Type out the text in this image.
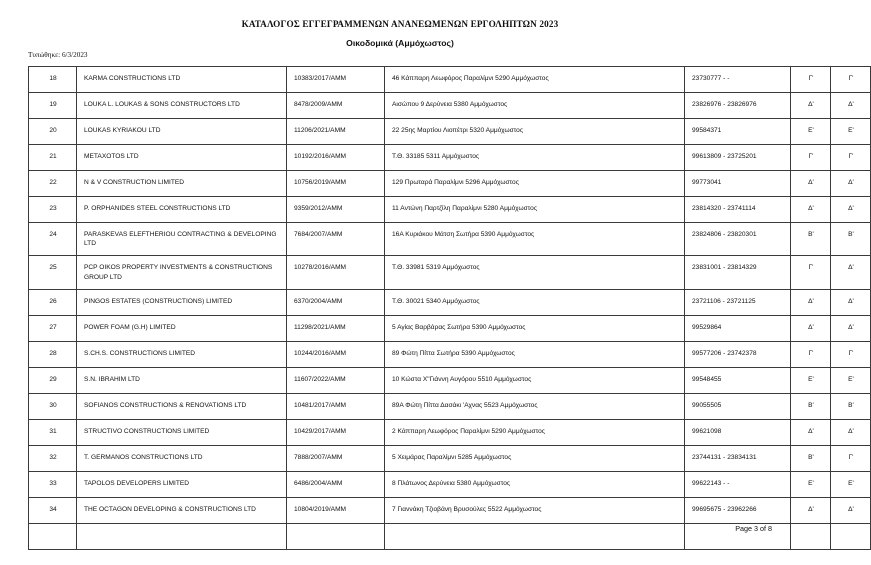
ΚΑΤΑΛΟΓΟΣ ΕΓΓΕΓΡΑΜΜΕΝΩΝ ΑΝΑΝΕΩΜΕΝΩΝ ΕΡΓΟΛΗΠΤΩΝ 2023
Οικοδομικά (Αμμόχωστος)
Τυπώθηκε: 6/3/2023
18	KARMA CONSTRUCTIONS LTD	10383/2017/ΑΜΜ	46 Κάππαρη Λεωφόρος Παραλίμνι 5290 Αμμόχωστος	23730777 - -	Γ'	Γ'
19	LOUKA L. LOUKAS & SONS CONSTRUCTORS LTD	8478/2009/ΑΜΜ	Αισώπου 9 Δερύνεια 5380 Αμμόχωστος	23826976 - 23826976	Δ'	Δ'
20	LOUKAS KYRIAKOU LTD	11206/2021/ΑΜΜ	22 25ης Μαρτίου Λιοπέτρι 5320 Αμμόχωστος	99584371	Ε'	Ε'
21	METAXOTOS LTD	10192/2016/ΑΜΜ	Τ.Θ. 33185 5311 Αμμόχωστος	99613809 - 23725201	Γ'	Γ'
22	N & V CONSTRUCTION LIMITED	10756/2019/ΑΜΜ	129 Πρωταρά Παραλίμνι 5296 Αμμόχωστος	99773041	Δ'	Δ'
23	P. ORPHANIDES STEEL CONSTRUCTIONS LTD	9359/2012/ΑΜΜ	11 Αντώνη Παρτζίλη Παραλίμνι 5280 Αμμόχωστος	23814320 - 23741114	Δ'	Δ'
24	PARASKEVAS ELEFTHERIOU CONTRACTING & DEVELOPING LTD	7684/2007/ΑΜΜ	16A Κυριάκου Μάτση Σωτήρα 5390 Αμμόχωστος	23824806 - 23820301	Β'	Β'
25	PCP OIKOS PROPERTY INVESTMENTS & CONSTRUCTIONS GROUP LTD	10278/2016/ΑΜΜ	Τ.Θ. 33981 5319 Αμμόχωστος	23831001 - 23814329	Γ'	Δ'
26	PINGOS ESTATES (CONSTRUCTIONS) LIMITED	6370/2004/ΑΜΜ	Τ.Θ. 30021 5340 Αμμόχωστος	23721106 - 23721125	Δ'	Δ'
27	POWER FOAM (G.H) LIMITED	11298/2021/ΑΜΜ	5 Αγίας Βαρβάρας Σωτήρα 5390 Αμμόχωστος	99529864	Δ'	Δ'
28	S.CH.S. CONSTRUCTIONS LIMITED	10244/2016/ΑΜΜ	89 Φώτη Πίττα Σωτήρα 5390 Αμμόχωστος	99577206 - 23742378	Γ'	Γ'
29	S.N. IBRAHIM LTD	11607/2022/ΑΜΜ	10 Κώστα Χ"Γιάννη Αυγόρου 5510 Αμμόχωστος	99548455	Ε'	Ε'
30	SOFIANOS CONSTRUCTIONS & RENOVATIONS LTD	10481/2017/ΑΜΜ	89A Φώτη Πίττα Δασάκι 'Αχνας 5523 Αμμόχωστος	99055505	Β'	Β'
31	STRUCTIVO CONSTRUCTIONS LIMITED	10429/2017/ΑΜΜ	2 Κάππαρη Λεωφόρος Παραλίμνι 5290 Αμμόχωστος	99621098	Δ'	Δ'
32	T. GERMANOS CONSTRUCTIONS LTD	7888/2007/ΑΜΜ	5 Χειμάρας Παραλίμνι 5285 Αμμόχωστος	23744131 - 23834131	Β'	Γ'
33	TAPOLOS DEVELOPERS LIMITED	6486/2004/ΑΜΜ	8 Πλάτωνος Δερύνεια 5380 Αμμόχωστος	99622143 - -	Ε'	Ε'
34	THE OCTAGON DEVELOPING & CONSTRUCTIONS LTD	10804/2019/ΑΜΜ	7 Γιαννάκη Τζιοβάνη Βρυσούλες 5522 Αμμόχωστος	99695675 - 23962266	Δ'	Δ'

Page 3 of 8
